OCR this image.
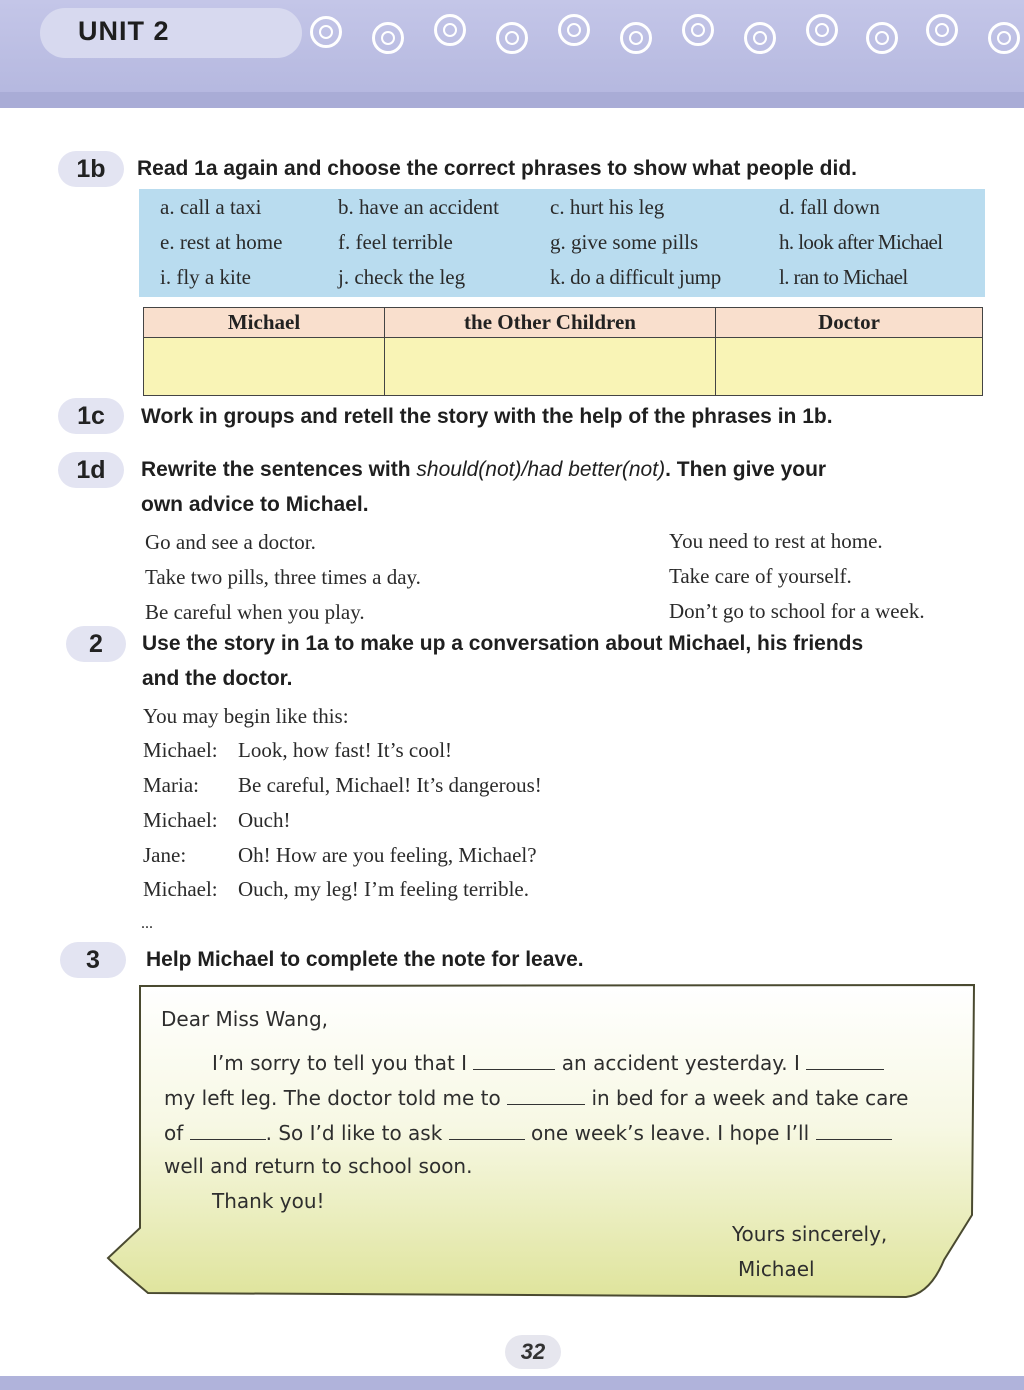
UNIT 2
1b	Read 1a again and choose the correct phrases to show what people did.
a. call a taxi	b. have an accident c. hurt his leg	d. fall down
e. rest at home	f. feel terrible	g. give some pills	h. look after Michael
i. fly a kite	j. check the leg	k. do a difficult jump	l. ran to Michael
Michael	the Other Children	Doctor

1c	Work in groups and retell the story with the help of the phrases in 1b.
1d	Rewrite the sentences with should(not)/had better(not). Then give your
own advice to Michael.
Go and see a doctor.
Take two pills, three times a day.
Be careful when you play.
You need to rest at home.
Take care of yourself.
Don’t go to school for a week.
2	Use the story in 1a to make up a conversation about Michael, his friends
and the doctor.
You may begin like this:
Michael: Look, how fast! It’s cool!
Maria: Be careful, Michael! It’s dangerous!
Michael: Ouch!
Jane: Oh! How are you feeling, Michael?
Michael: Ouch, my leg! I’m feeling terrible.
...
3	Help Michael to complete the note for leave.
Dear Miss Wang,
I’m sorry to tell you that I	an accident yesterday. I
my left leg. The doctor told me to	in bed for a week and take care
of	. So I’d like to ask	one week’s leave. I hope I’ll
well and return to school soon.
Thank you!
Yours sincerely,
Michael
32
